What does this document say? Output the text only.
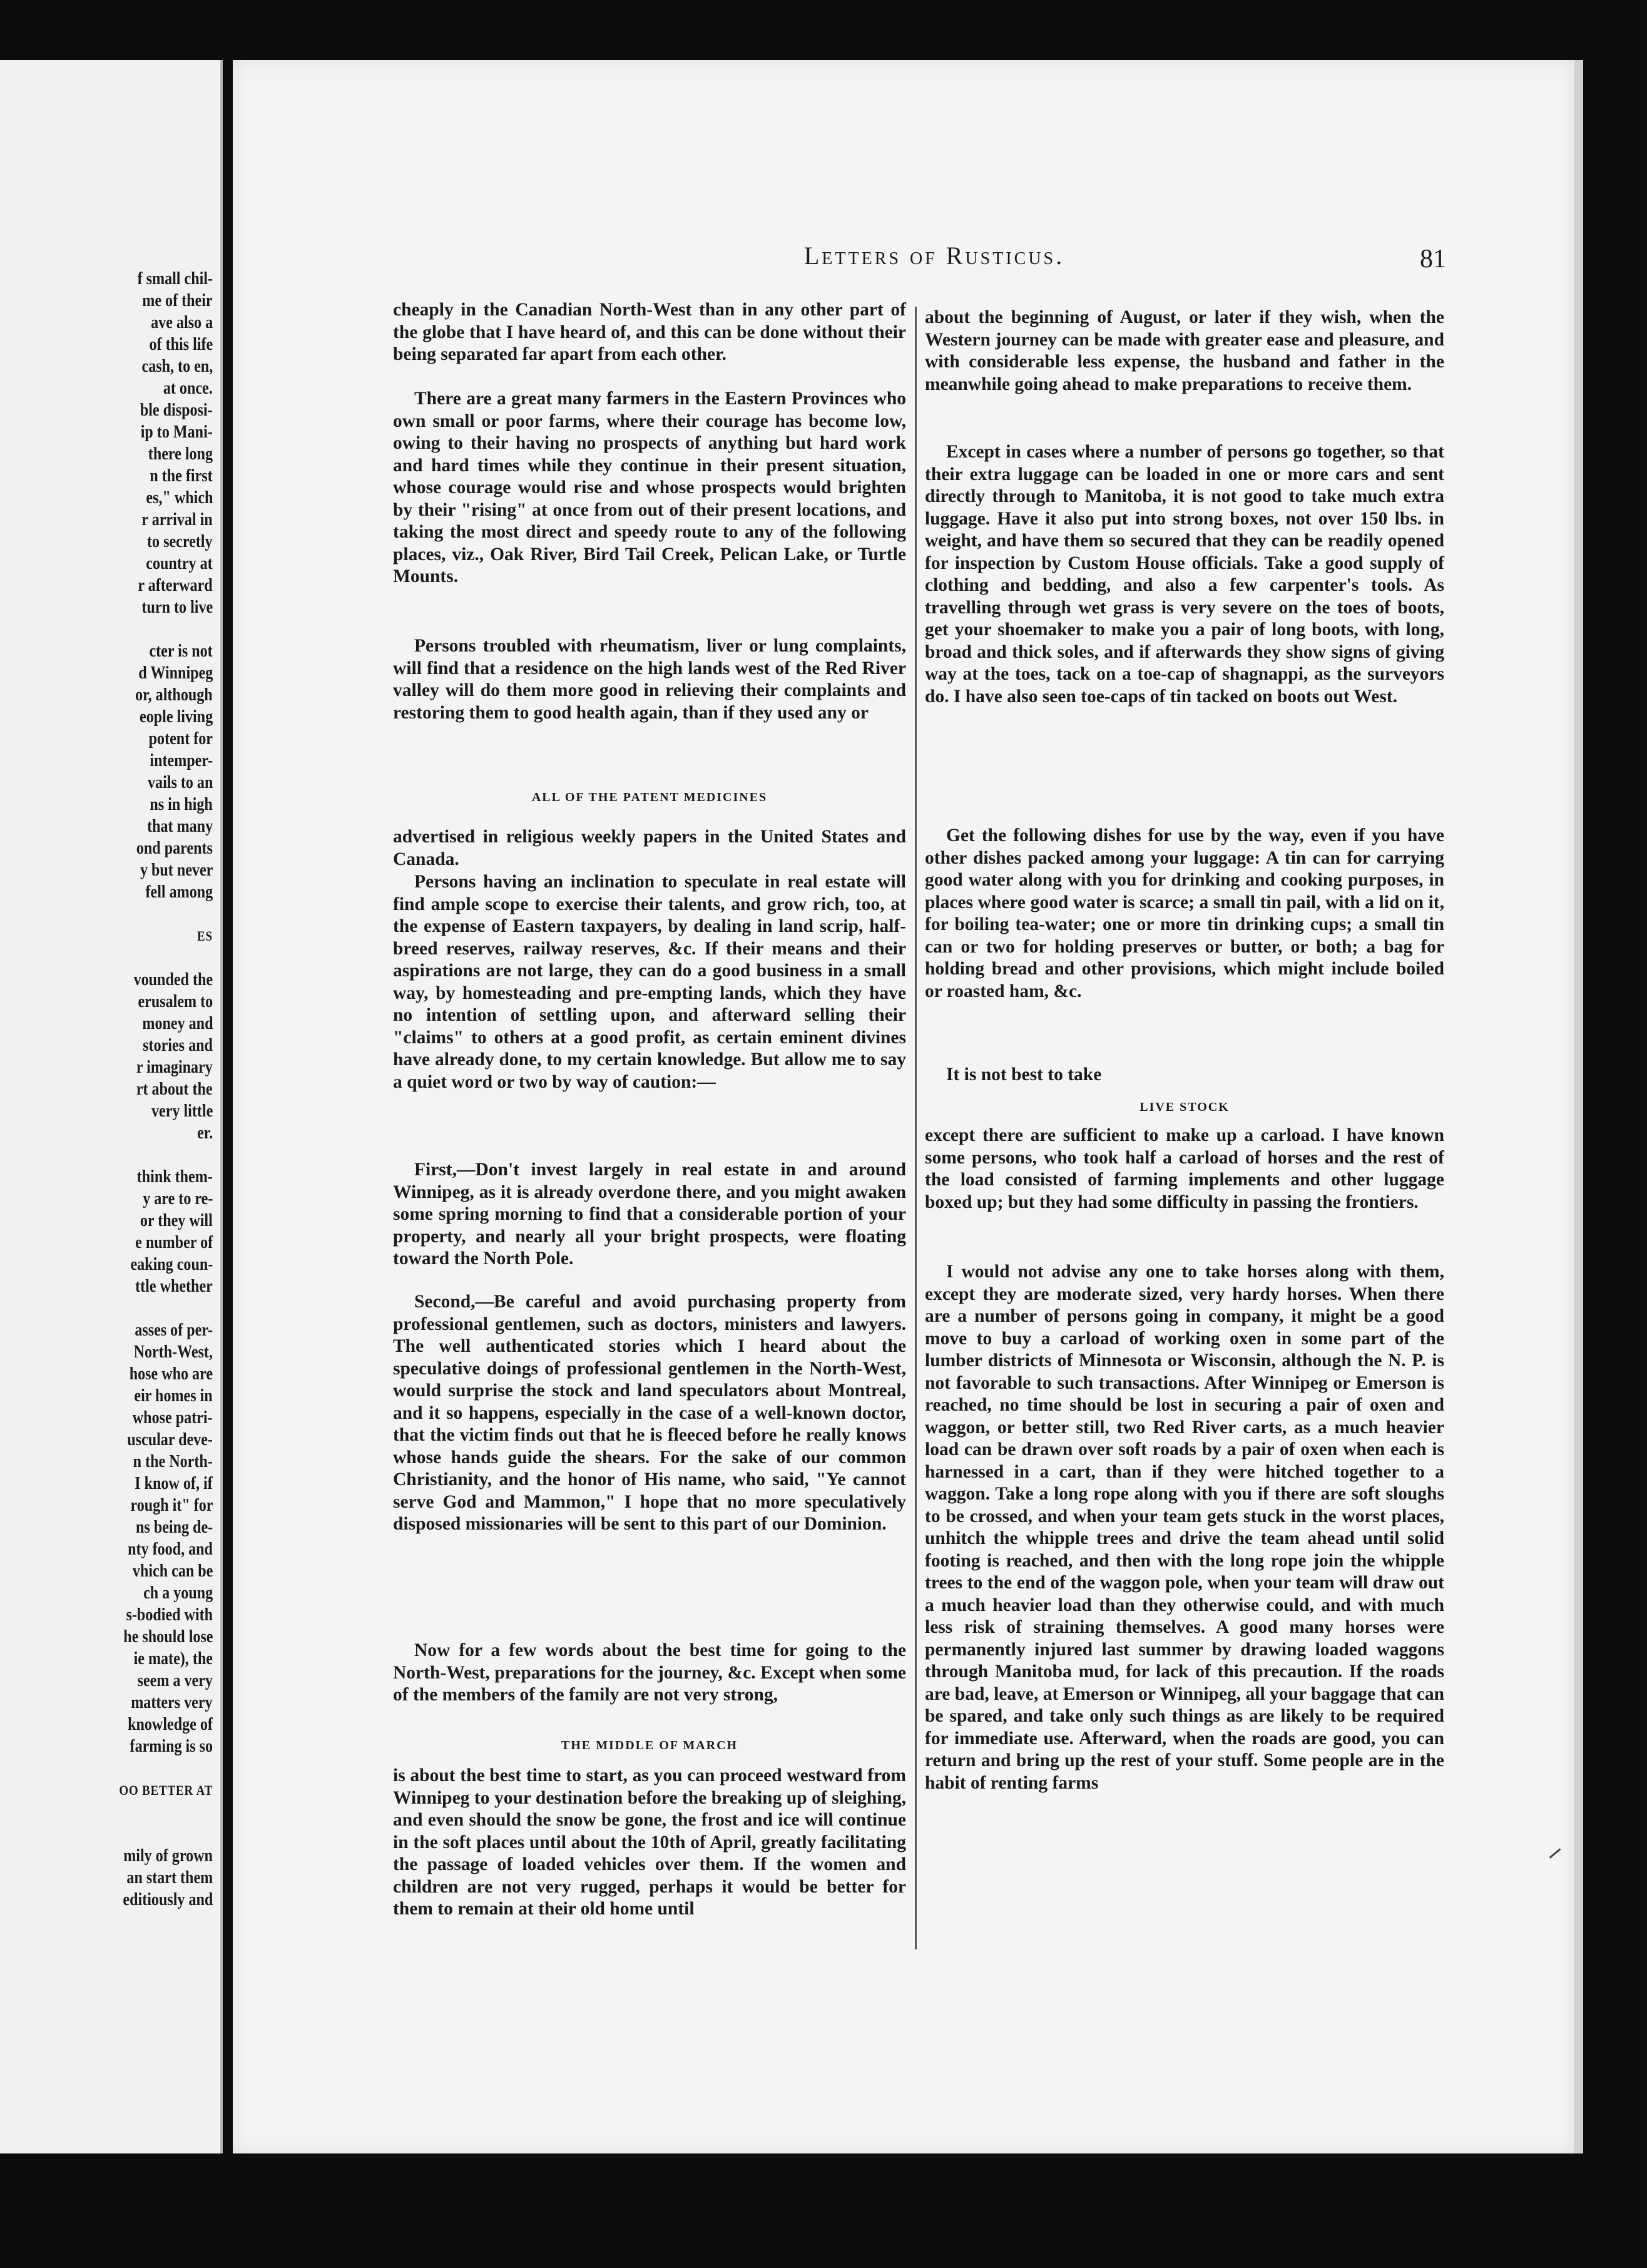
f small chil-
me of their
ave also a
of this life
cash, to en,
at once.
ble disposi-
ip to Mani-
there long
n the first
es," which
r arrival in
to secretly
country at
r afterward
turn to live
cter is not
d Winnipeg
or, although
eople living
potent for
intemper-
vails to an
ns in high
that many
ond parents
y but never
fell among
ES
vounded the
erusalem to
money and
stories and
r imaginary
rt about the
very little
er.
think them-
y are to re-
or they will
e number of
eaking coun-
ttle whether
asses of per-
North-West,
hose who are
eir homes in
whose patri-
uscular deve-
n the North-
I know of, if
rough it" for
ns being de-
nty food, and
vhich can be
ch a young
s-bodied with
he should lose
ie mate), the
seem a very
matters very
knowledge of
farming is so
OO BETTER AT
mily of grown
an start them
editiously and
Letters of Rusticus.	81

cheaply in the Canadian North-West than in any other part of the globe that I have heard of, and this can be done without their being separated far apart from each other.

There are a great many farmers in the Eastern Provinces who own small or poor farms, where their courage has become low, owing to their having no prospects of anything but hard work and hard times while they continue in their present situation, whose courage would rise and whose prospects would brighten by their "rising" at once from out of their present locations, and taking the most direct and speedy route to any of the following places, viz., Oak River, Bird Tail Creek, Pelican Lake, or Turtle Mounts.

Persons troubled with rheumatism, liver or lung complaints, will find that a residence on the high lands west of the Red River valley will do them more good in relieving their complaints and restoring them to good health again, than if they used any or

ALL OF THE PATENT MEDICINES

advertised in religious weekly papers in the United States and Canada.

Persons having an inclination to speculate in real estate will find ample scope to exercise their talents, and grow rich, too, at the expense of Eastern taxpayers, by dealing in land scrip, half-breed reserves, railway reserves, &c. If their means and their aspirations are not large, they can do a good business in a small way, by homesteading and pre-empting lands, which they have no intention of settling upon, and afterward selling their "claims" to others at a good profit, as certain eminent divines have already done, to my certain knowledge. But allow me to say a quiet word or two by way of caution:—

First,—Don't invest largely in real estate in and around Winnipeg, as it is already overdone there, and you might awaken some spring morning to find that a considerable portion of your property, and nearly all your bright prospects, were floating toward the North Pole.

Second,—Be careful and avoid purchasing property from professional gentlemen, such as doctors, ministers and lawyers. The well authenticated stories which I heard about the speculative doings of professional gentlemen in the North-West, would surprise the stock and land speculators about Montreal, and it so happens, especially in the case of a well-known doctor, that the victim finds out that he is fleeced before he really knows whose hands guide the shears. For the sake of our common Christianity, and the honor of His name, who said, "Ye cannot serve God and Mammon," I hope that no more speculatively disposed missionaries will be sent to this part of our Dominion.

Now for a few words about the best time for going to the North-West, preparations for the journey, &c. Except when some of the members of the family are not very strong,

THE MIDDLE OF MARCH

is about the best time to start, as you can proceed westward from Winnipeg to your destination before the breaking up of sleighing, and even should the snow be gone, the frost and ice will continue in the soft places until about the 10th of April, greatly facilitating the passage of loaded vehicles over them. If the women and children are not very rugged, perhaps it would be better for them to remain at their old home until

about the beginning of August, or later if they wish, when the Western journey can be made with greater ease and pleasure, and with considerable less expense, the husband and father in the meanwhile going ahead to make preparations to receive them.

Except in cases where a number of persons go together, so that their extra luggage can be loaded in one or more cars and sent directly through to Manitoba, it is not good to take much extra luggage. Have it also put into strong boxes, not over 150 lbs. in weight, and have them so secured that they can be readily opened for inspection by Custom House officials. Take a good supply of clothing and bedding, and also a few carpenter's tools. As travelling through wet grass is very severe on the toes of boots, get your shoemaker to make you a pair of long boots, with long, broad and thick soles, and if afterwards they show signs of giving way at the toes, tack on a toe-cap of shagnappi, as the surveyors do. I have also seen toe-caps of tin tacked on boots out West.

Get the following dishes for use by the way, even if you have other dishes packed among your luggage: A tin can for carrying good water along with you for drinking and cooking purposes, in places where good water is scarce; a small tin pail, with a lid on it, for boiling tea-water; one or more tin drinking cups; a small tin can or two for holding preserves or butter, or both; a bag for holding bread and other provisions, which might include boiled or roasted ham, &c.

It is not best to take

LIVE STOCK

except there are sufficient to make up a carload. I have known some persons, who took half a carload of horses and the rest of the load consisted of farming implements and other luggage boxed up; but they had some difficulty in passing the frontiers.

I would not advise any one to take horses along with them, except they are moderate sized, very hardy horses. When there are a number of persons going in company, it might be a good move to buy a carload of working oxen in some part of the lumber districts of Minnesota or Wisconsin, although the N. P. is not favorable to such transactions. After Winnipeg or Emerson is reached, no time should be lost in securing a pair of oxen and waggon, or better still, two Red River carts, as a much heavier load can be drawn over soft roads by a pair of oxen when each is harnessed in a cart, than if they were hitched together to a waggon. Take a long rope along with you if there are soft sloughs to be crossed, and when your team gets stuck in the worst places, unhitch the whipple trees and drive the team ahead until solid footing is reached, and then with the long rope join the whipple trees to the end of the waggon pole, when your team will draw out a much heavier load than they otherwise could, and with much less risk of straining themselves. A good many horses were permanently injured last summer by drawing loaded waggons through Manitoba mud, for lack of this precaution. If the roads are bad, leave, at Emerson or Winnipeg, all your baggage that can be spared, and take only such things as are likely to be required for immediate use. Afterward, when the roads are good, you can return and bring up the rest of your stuff. Some people are in the habit of renting farms
